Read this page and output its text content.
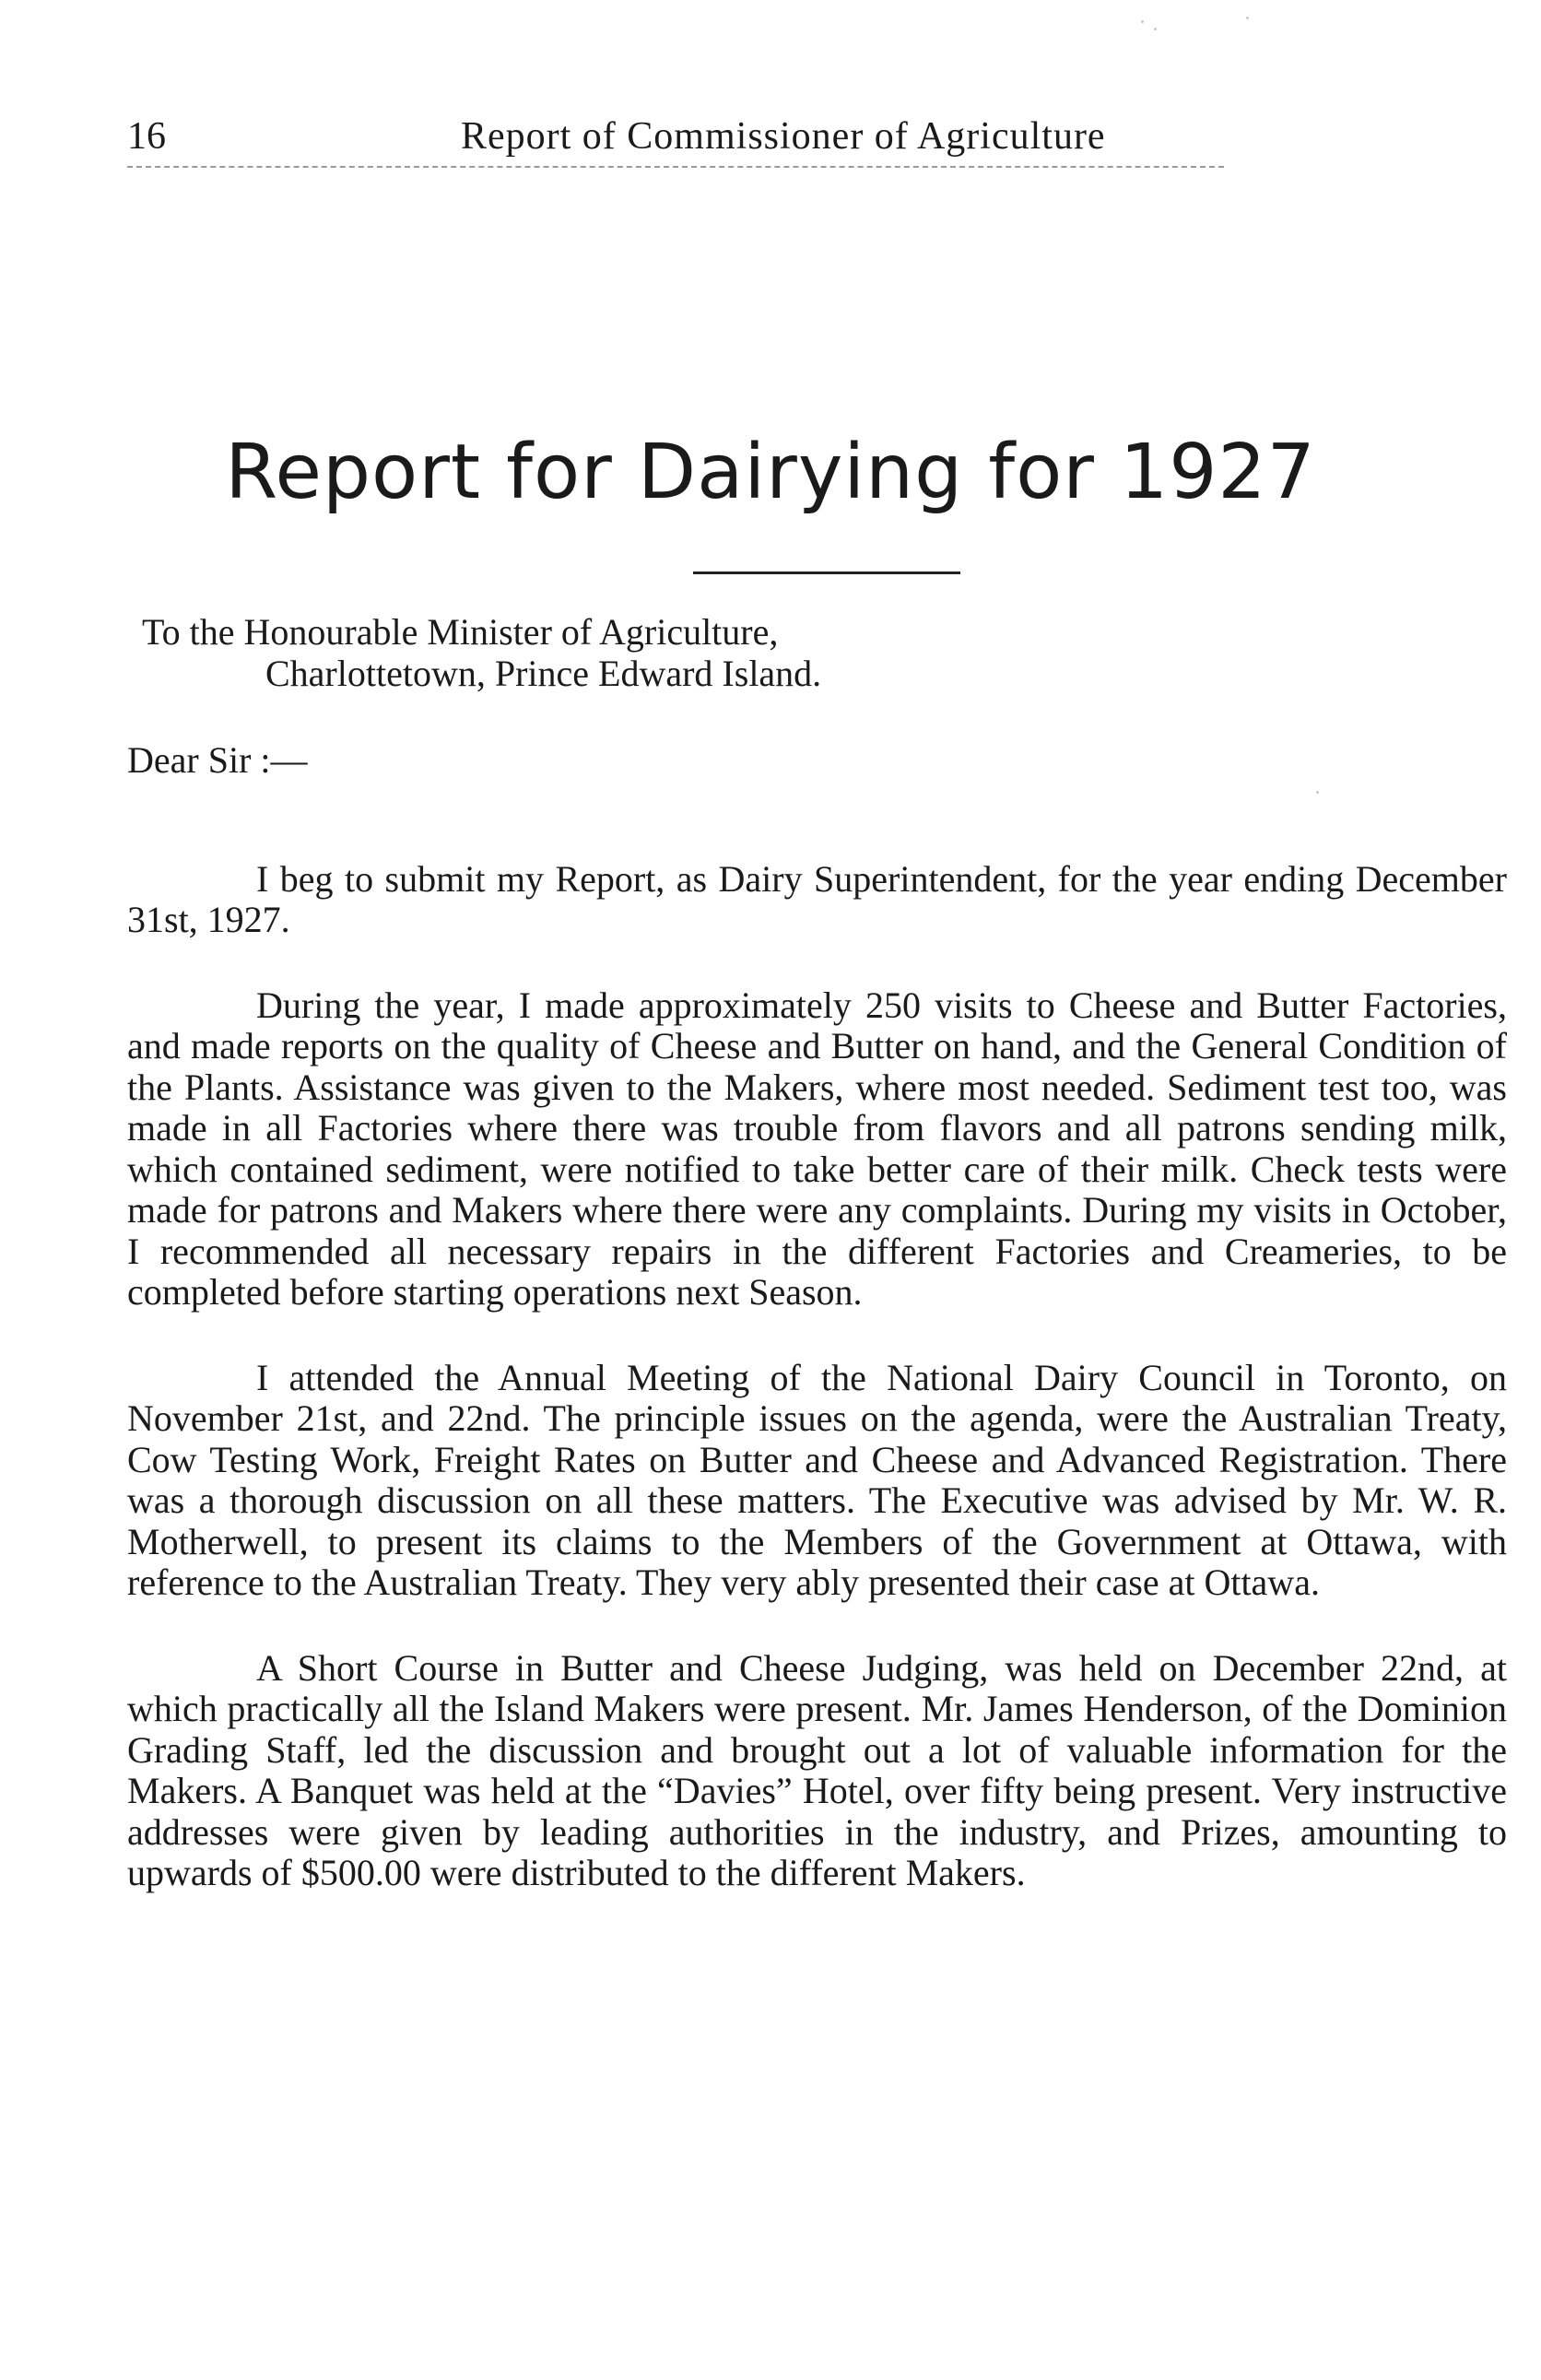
16	Report of Commissioner of Agriculture
Report for Dairying for 1927

To the Honourable Minister of Agriculture,

Charlottetown, Prince Edward Island.

Dear Sir :—

I beg to submit my Report, as Dairy Superintendent, for the year ending December 31st, 1927.

During the year, I made approximately 250 visits to Cheese and Butter Factories, and made reports on the quality of Cheese and Butter on hand, and the General Condition of the Plants. Assistance was given to the Makers, where most needed. Sediment test too, was made in all Factories where there was trouble from flavors and all patrons sending milk, which contained sediment, were notified to take better care of their milk. Check tests were made for patrons and Makers where there were any complaints. During my visits in October, I recommended all necessary repairs in the different Factories and Creameries, to be completed before starting operations next Season.

I attended the Annual Meeting of the National Dairy Council in Toronto, on November 21st, and 22nd. The principle issues on the agenda, were the Australian Treaty, Cow Testing Work, Freight Rates on Butter and Cheese and Advanced Registration. There was a thorough discussion on all these matters. The Executive was advised by Mr. W. R. Motherwell, to present its claims to the Members of the Government at Ottawa, with reference to the Australian Treaty. They very ably presented their case at Ottawa.

A Short Course in Butter and Cheese Judging, was held on December 22nd, at which practically all the Island Makers were present. Mr. James Henderson, of the Dominion Grading Staff, led the discussion and brought out a lot of valuable information for the Makers. A Banquet was held at the “Davies” Hotel, over fifty being present. Very instructive addresses were given by leading authorities in the industry, and Prizes, amounting to upwards of $500.00 were distributed to the different Makers.
